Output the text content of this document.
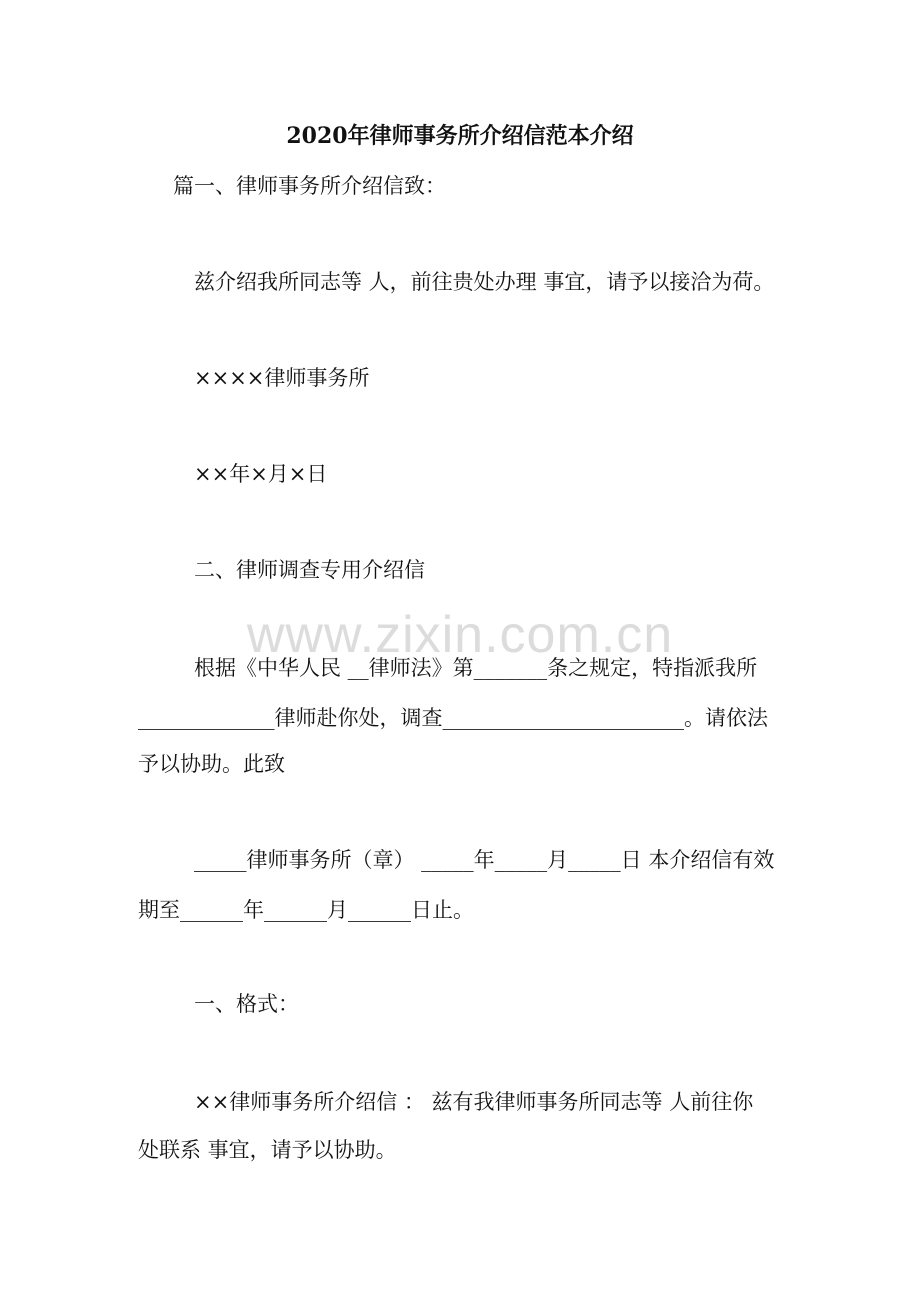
www.zixin.com.cn
2020年律师事务所介绍信范本介绍
篇一、律师事务所介绍信致：
兹介绍我所同志等 人，前往贵处办理 事宜，请予以接洽为荷。
××××律师事务所
××年×月×日
二、律师调查专用介绍信
根据《中华人民 __律师法》第_______条之规定，特指派我所
_____________律师赴你处，调查_______________________。请依法
予以协助。此致
_____律师事务所（章） _____年_____月_____日 本介绍信有效
期至______年______月______日止。
一、格式：
××律师事务所介绍信 ： 兹有我律师事务所同志等 人前往你
处联系 事宜，请予以协助。
